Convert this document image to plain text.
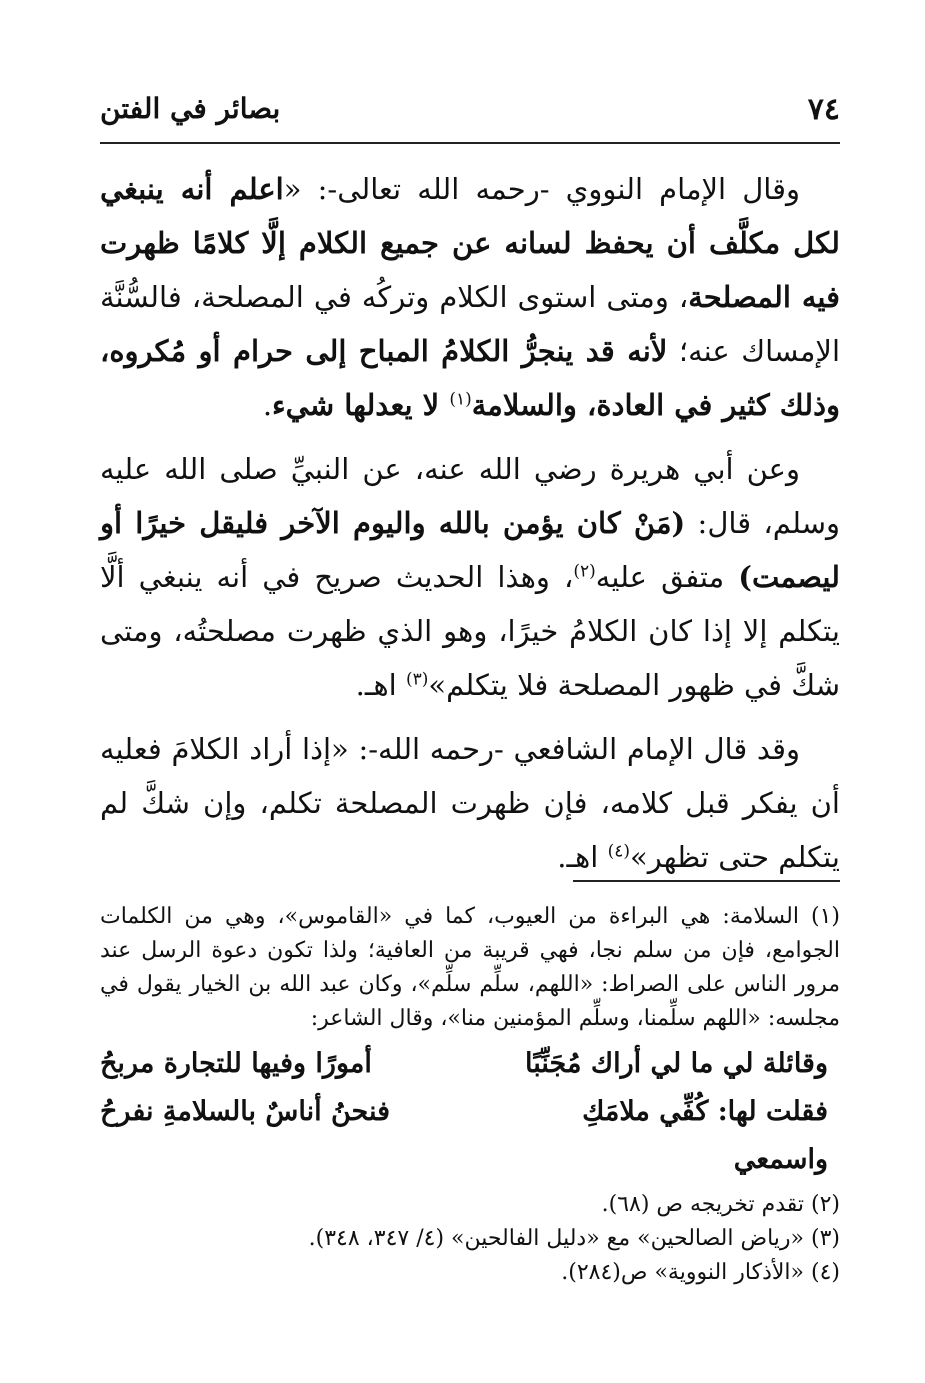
٧٤
بصائر في الفتن

وقال الإمام النووي -رحمه الله تعالى-: «اعلم أنه ينبغي لكل مكلَّف أن يحفظ لسانه عن جميع الكلام إلَّا كلامًا ظهرت فيه المصلحة، ومتى استوى الكلام وتركُه في المصلحة، فالسُّنَّة الإمساك عنه؛ لأنه قد ينجرُّ الكلامُ المباح إلى حرام أو مُكروه، وذلك كثير في العادة، والسلامة$^{(١)}$ لا يعدلها شيء.

وعن أبي هريرة رضي الله عنه، عن النبيِّ صلى الله عليه وسلم، قال: (مَنْ كان يؤمن بالله واليوم الآخر فليقل خيرًا أو ليصمت) متفق عليه$^{(٢)}$، وهذا الحديث صريح في أنه ينبغي ألَّا يتكلم إلا إذا كان الكلامُ خيرًا، وهو الذي ظهرت مصلحتُه، ومتى شكَّ في ظهور المصلحة فلا يتكلم»$^{(٣)}$ اهـ.

وقد قال الإمام الشافعي -رحمه الله-: «إذا أراد الكلامَ فعليه أن يفكر قبل كلامه، فإن ظهرت المصلحة تكلم، وإن شكَّ لم يتكلم حتى تظهر»$^{(٤)}$ اهـ.

(١) السلامة: هي البراءة من العيوب، كما في «القاموس»، وهي من الكلمات الجوامع، فإن من سلم نجا، فهي قريبة من العافية؛ ولذا تكون دعوة الرسل عند مرور الناس على الصراط: «اللهم، سلِّم سلِّم»، وكان عبد الله بن الخيار يقول في مجلسه: «اللهم سلِّمنا، وسلِّم المؤمنين منا»، وقال الشاعر:

وقائلة لي ما لي أراك مُجَنِّبًا
أمورًا وفيها للتجارة مربحُ
فقلت لها: كُفِّي ملامَكِ واسمعي
فنحنُ أناسٌ بالسلامةِ نفرحُ

(٢) تقدم تخريجه ص (٦٨).

(٣) «رياض الصالحين» مع «دليل الفالحين» (٤/ ٣٤٧، ٣٤٨).

(٤) «الأذكار النووية» ص(٢٨٤).
